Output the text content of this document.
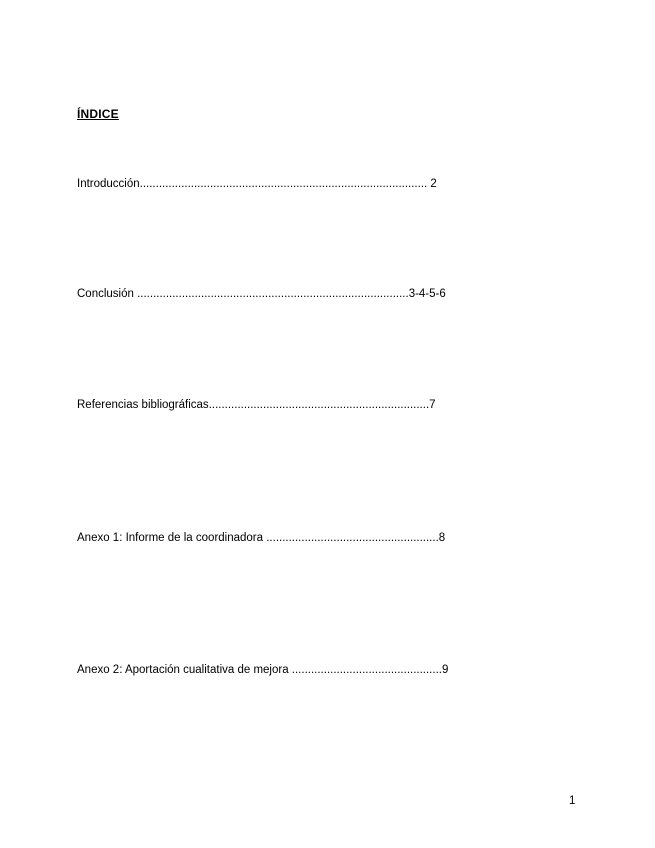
ÍNDICE
Introducción.......................................................................................... 2
Conclusión .....................................................................................3-4-5-6
Referencias bibliográficas.....................................................................7
Anexo 1: Informe de la coordinadora ......................................................8
Anexo 2: Aportación cualitativa de mejora ...............................................9
1
